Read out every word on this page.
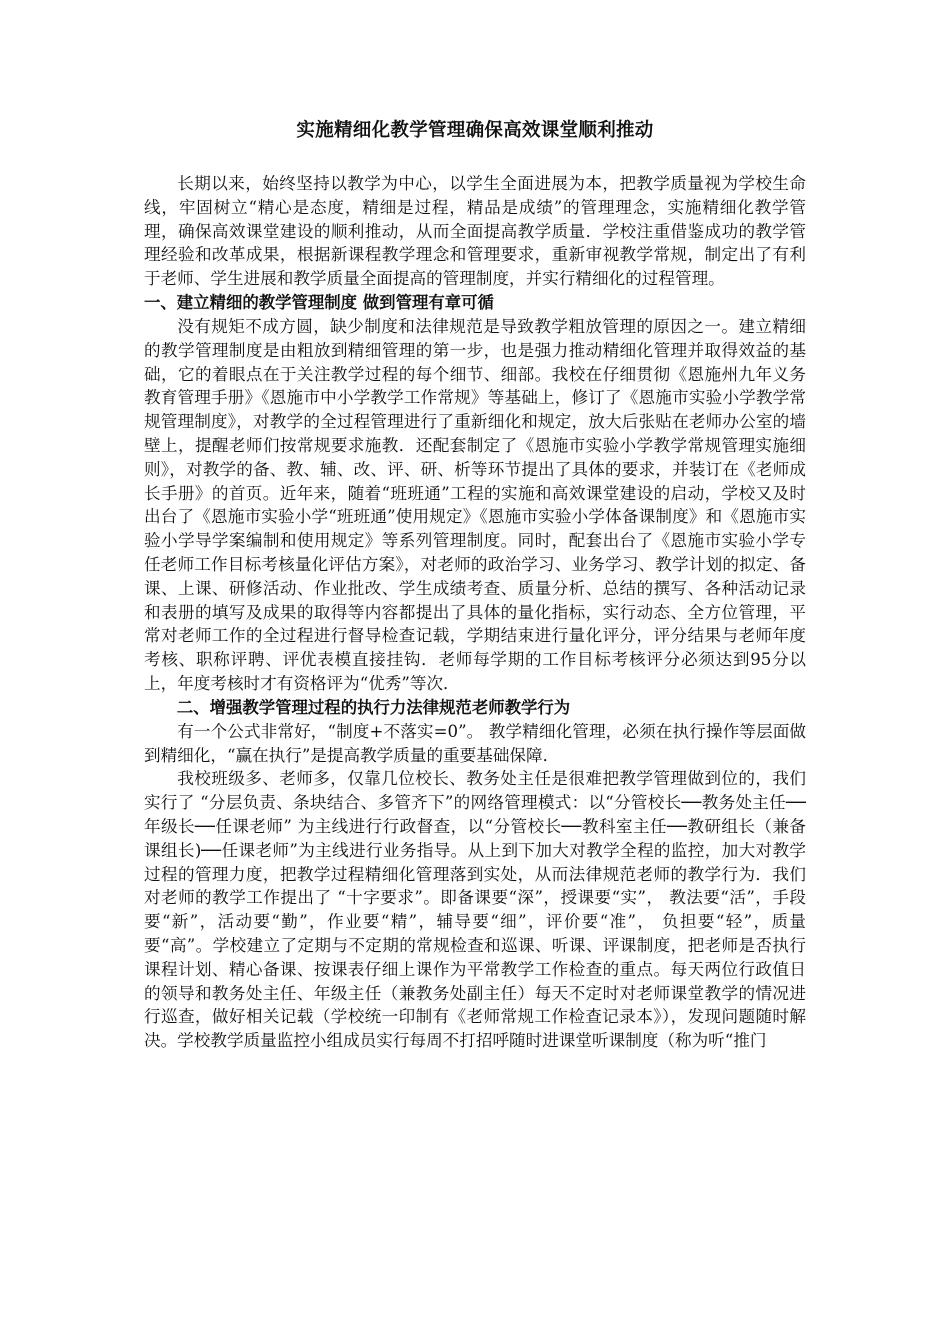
实施精细化教学管理确保高效课堂顺利推动

长期以来，始终坚持以教学为中心，以学生全面进展为本，把教学质量视为学校生命线，牢固树立“精心是态度，精细是过程，精品是成绩”的管理理念，实施精细化教学管理，确保高效课堂建设的顺利推动，从而全面提高教学质量．学校注重借鉴成功的教学管理经验和改革成果，根据新课程教学理念和管理要求，重新审视教学常规，制定出了有利于老师、学生进展和教学质量全面提高的管理制度，并实行精细化的过程管理。

一、建立精细的教学管理制度 做到管理有章可循

没有规矩不成方圆，缺少制度和法律规范是导致教学粗放管理的原因之一。建立精细的教学管理制度是由粗放到精细管理的第一步，也是强力推动精细化管理并取得效益的基础，它的着眼点在于关注教学过程的每个细节、细部。我校在仔细贯彻《恩施州九年义务教育管理手册》《恩施市中小学教学工作常规》等基础上，修订了《恩施市实验小学教学常规管理制度》，对教学的全过程管理进行了重新细化和规定，放大后张贴在老师办公室的墙壁上，提醒老师们按常规要求施教．还配套制定了《恩施市实验小学教学常规管理实施细则》，对教学的备、教、辅、改、评、研、析等环节提出了具体的要求，并装订在《老师成长手册》的首页。近年来，随着“班班通”工程的实施和高效课堂建设的启动，学校又及时出台了《恩施市实验小学“班班通”使用规定》《恩施市实验小学体备课制度》和《恩施市实验小学导学案编制和使用规定》等系列管理制度。同时，配套出台了《恩施市实验小学专任老师工作目标考核量化评估方案》，对老师的政治学习、业务学习、教学计划的拟定、备课、上课、研修活动、作业批改、学生成绩考查、质量分析、总结的撰写、各种活动记录和表册的填写及成果的取得等内容都提出了具体的量化指标，实行动态、全方位管理，平常对老师工作的全过程进行督导检查记载，学期结束进行量化评分，评分结果与老师年度考核、职称评聘、评优表模直接挂钩．老师每学期的工作目标考核评分必须达到95分以上，年度考核时才有资格评为“优秀”等次．

二、增强教学管理过程的执行力法律规范老师教学行为

有一个公式非常好，“制度+不落实=0”。 教学精细化管理，必须在执行操作等层面做到精细化，“赢在执行”是提高教学质量的重要基础保障．

我校班级多、老师多，仅靠几位校长、教务处主任是很难把教学管理做到位的，我们实行了 “分层负责、条块结合、多管齐下”的网络管理模式：以“分管校长──教务处主任──年级长──任课老师” 为主线进行行政督查，以“分管校长──教科室主任──教研组长（兼备课组长)──任课老师”为主线进行业务指导。从上到下加大对教学全程的监控，加大对教学过程的管理力度，把教学过程精细化管理落到实处，从而法律规范老师的教学行为．我们对老师的教学工作提出了 “十字要求”。即备课要“深”，授课要“实”， 教法要“活”，手段要“新”，活动要“勤”，作业要“精”，辅导要“细”，评价要“准”， 负担要“轻”，质量要“高”。学校建立了定期与不定期的常规检查和巡课、听课、评课制度，把老师是否执行课程计划、精心备课、按课表仔细上课作为平常教学工作检查的重点。每天两位行政值日的领导和教务处主任、年级主任（兼教务处副主任）每天不定时对老师课堂教学的情况进行巡查，做好相关记载（学校统一印制有《老师常规工作检查记录本》），发现问题随时解决。学校教学质量监控小组成员实行每周不打招呼随时进课堂听课制度（称为听“推门
